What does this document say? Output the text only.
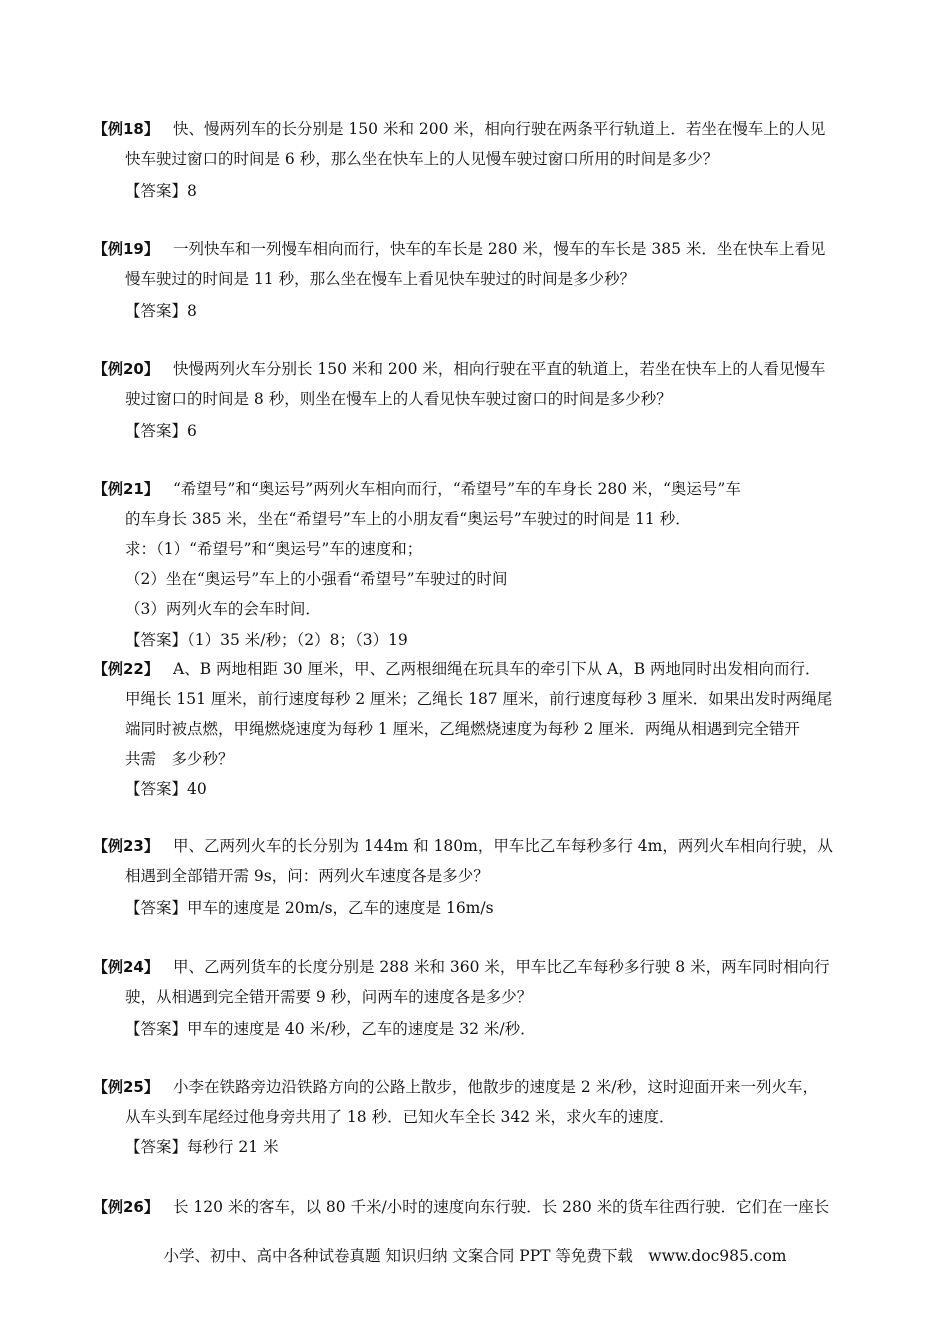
【例18】 快、慢两列车的长分别是 150 米和 200 米，相向行驶在两条平行轨道上．若坐在慢车上的人见
快车驶过窗口的时间是 6 秒，那么坐在快车上的人见慢车驶过窗口所用的时间是多少？
【答案】8
【例19】 一列快车和一列慢车相向而行，快车的车长是 280 米，慢车的车长是 385 米．坐在快车上看见
慢车驶过的时间是 11 秒，那么坐在慢车上看见快车驶过的时间是多少秒？
【答案】8
【例20】 快慢两列火车分别长 150 米和 200 米，相向行驶在平直的轨道上，若坐在快车上的人看见慢车
驶过窗口的时间是 8 秒，则坐在慢车上的人看见快车驶过窗口的时间是多少秒？
【答案】6
【例21】 “希望号”和“奥运号”两列火车相向而行，“希望号”车的车身长 280 米，“奥运号”车
的车身长 385 米，坐在“希望号”车上的小朋友看“奥运号”车驶过的时间是 11 秒．
求：（1）“希望号”和“奥运号”车的速度和；
（2）坐在“奥运号”车上的小强看“希望号”车驶过的时间
（3）两列火车的会车时间．
【答案】（1）35 米/秒；（2）8；（3）19
【例22】 A、B 两地相距 30 厘米，甲、乙两根细绳在玩具车的牵引下从 A，B 两地同时出发相向而行．
甲绳长 151 厘米，前行速度每秒 2 厘米；乙绳长 187 厘米，前行速度每秒 3 厘米．如果出发时两绳尾
端同时被点燃，甲绳燃烧速度为每秒 1 厘米，乙绳燃烧速度为每秒 2 厘米．两绳从相遇到完全错开
共需　多少秒？
【答案】40
【例23】 甲、乙两列火车的长分别为 144m 和 180m，甲车比乙车每秒多行 4m，两列火车相向行驶，从
相遇到全部错开需 9s，问：两列火车速度各是多少？
【答案】甲车的速度是 20m/s，乙车的速度是 16m/s
【例24】 甲、乙两列货车的长度分别是 288 米和 360 米，甲车比乙车每秒多行驶 8 米，两车同时相向行
驶，从相遇到完全错开需要 9 秒，问两车的速度各是多少？
【答案】甲车的速度是 40 米/秒，乙车的速度是 32 米/秒．
【例25】 小李在铁路旁边沿铁路方向的公路上散步，他散步的速度是 2 米/秒，这时迎面开来一列火车，
从车头到车尾经过他身旁共用了 18 秒．已知火车全长 342 米，求火车的速度．
【答案】每秒行 21 米
【例26】 长 120 米的客车，以 80 千米/小时的速度向东行驶．长 280 米的货车往西行驶．它们在一座长
小学、初中、高中各种试卷真题 知识归纳 文案合同 PPT 等免费下载　www.doc985.com
